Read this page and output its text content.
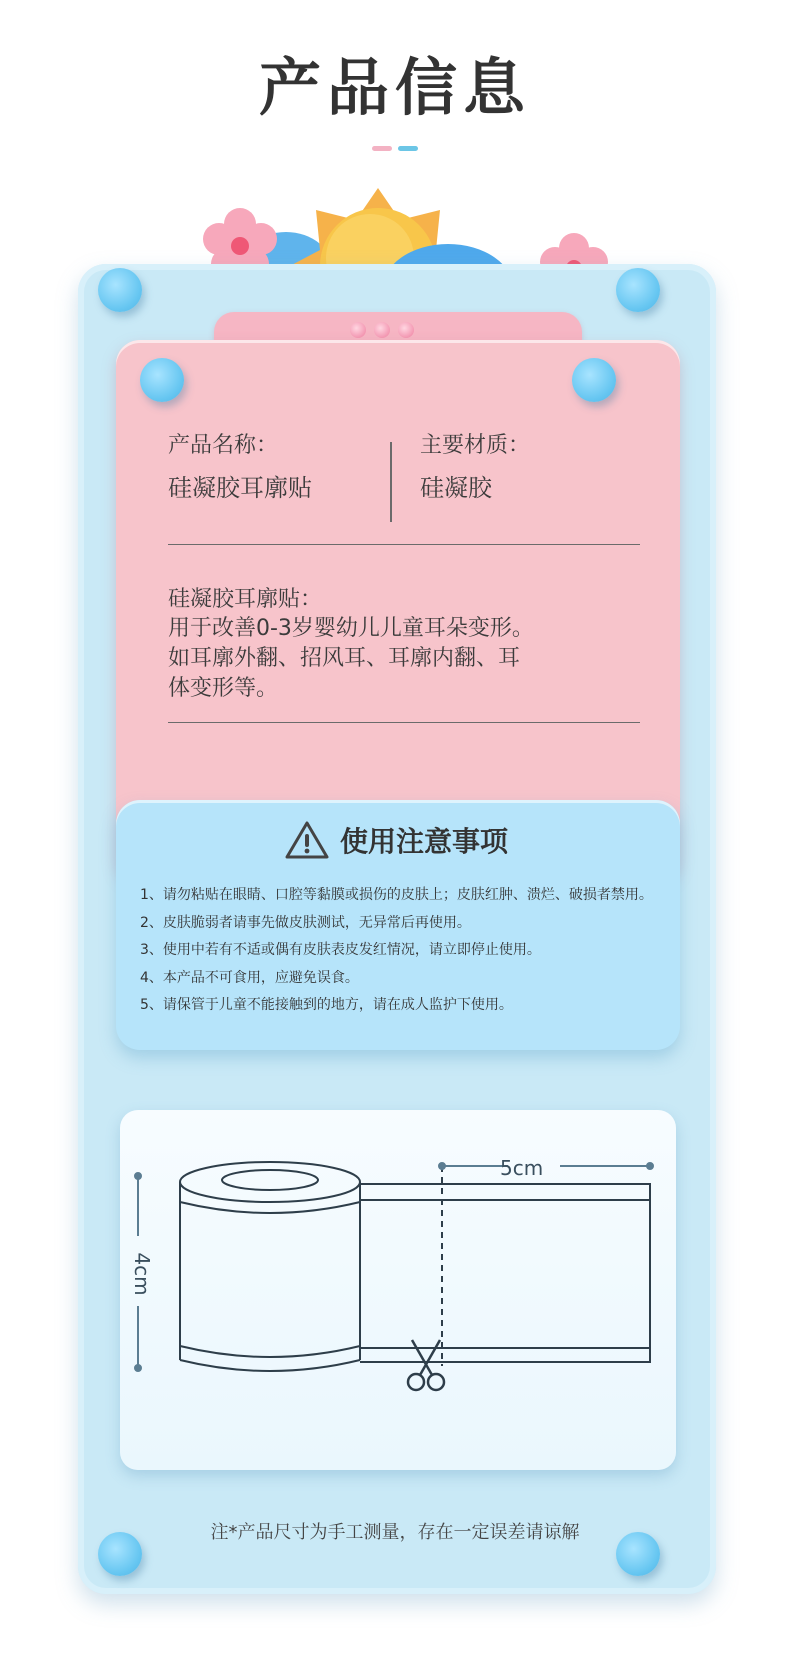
产品信息
产品名称：
硅凝胶耳廓贴
主要材质：
硅凝胶
硅凝胶耳廓贴：
用于改善0-3岁婴幼儿儿童耳朵变形。
如耳廓外翻、招风耳、耳廓内翻、耳
体变形等。
使用注意事项
1、请勿粘贴在眼睛、口腔等黏膜或损伤的皮肤上；皮肤红肿、溃烂、破损者禁用。
2、皮肤脆弱者请事先做皮肤测试，无异常后再使用。
3、使用中若有不适或偶有皮肤表皮发红情况，请立即停止使用。
4、本产品不可食用，应避免误食。
5、请保管于儿童不能接触到的地方，请在成人监护下使用。
5cm
4cm
注*产品尺寸为手工测量，存在一定误差请谅解
